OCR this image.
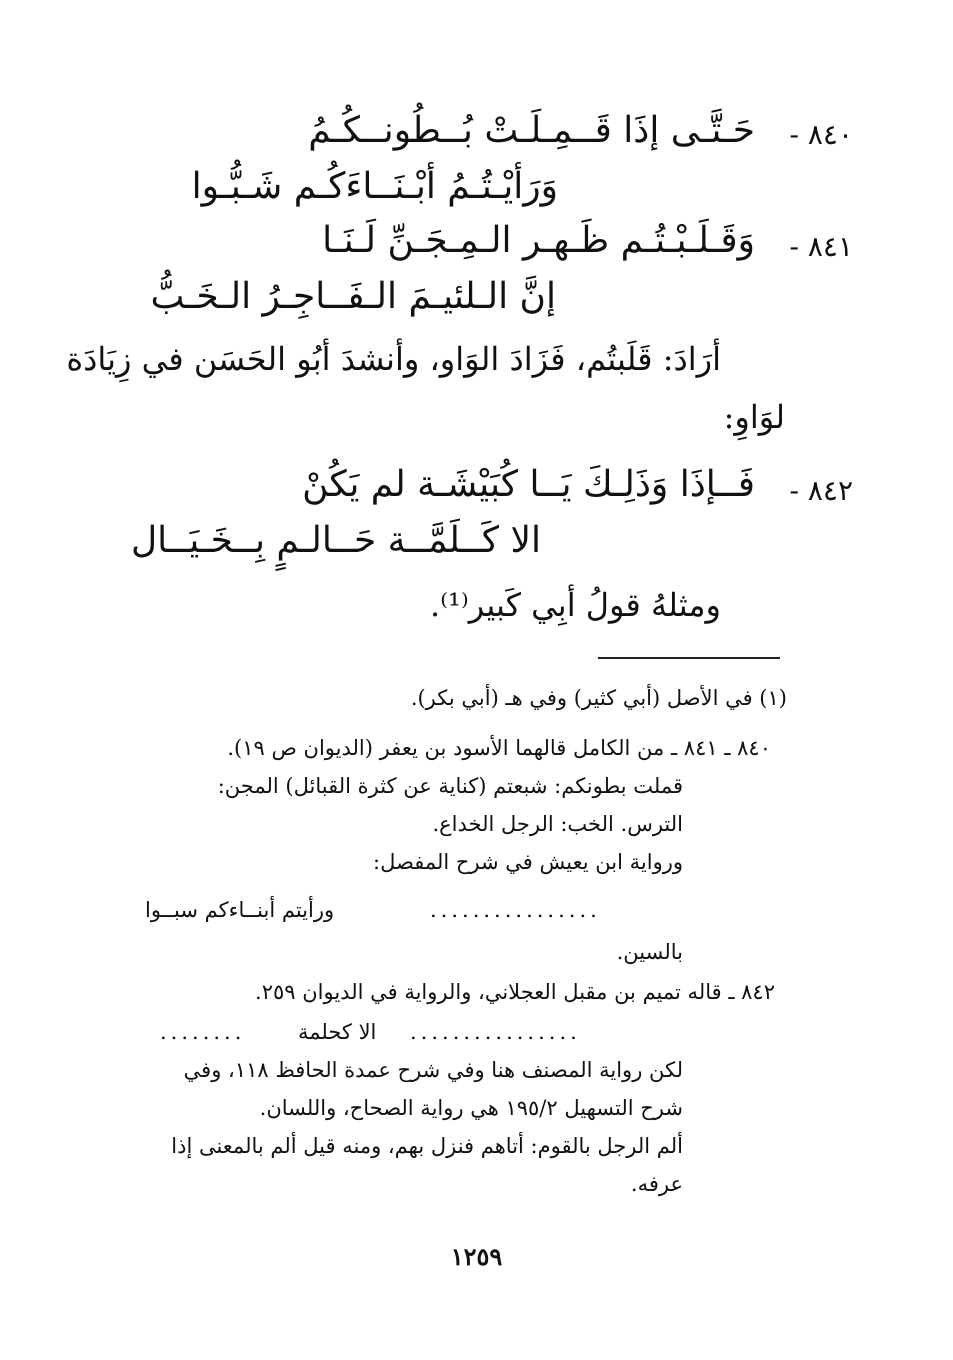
٨٤٠ -
حَـتَّـى إذَا قَــمِـلَـتْ بُــطُونــكُـمُ
وَرَأيْـتُـمُ أبْـنَــاءَكُـم شَـبُّـوا
٨٤١ -
وَقَـلَـبْـتُـم ظَـهـر الـمِـجَـنِّ لَـنَـا
إنَّ الـلئيـمَ الـفَــاجِـرُ الـخَـبُّ
أرَادَ: قَلَبتُم، فَزَادَ الوَاو، وأنشدَ أبُو الحَسَن في زِيَادَة
لوَاوِ:
٨٤٢ -
فَــإذَا وَذَلِـكَ يَــا كُبَيْشَـة لم يَكُنْ
الا كَــلَمَّــة حَــالـمٍ بِــخَـيَــال
ومثلهُ قولُ أبِي كَبير⁽¹⁾.
(١) في الأصل (أبي كثير) وفي هـ (أبي بكر).
٨٤٠ ـ ٨٤١ ـ من الكامل قالهما الأسود بن يعفر (الديوان ص ١٩).
قملت بطونكم: شبعتم (كناية عن كثرة القبائل) المجن:
الترس. الخب: الرجل الخداع.
ورواية ابن يعيش في شرح المفصل:
ورأيتم أبنــاءكم سبــوا	................
بالسين.
٨٤٢ ـ قاله تميم بن مقبل العجلاني، والرواية في الديوان ٢٥٩.
........	الا كحلمة ................
لكن رواية المصنف هنا وفي شرح عمدة الحافظ ١١٨، وفي
شرح التسهيل ١٩٥/٢ هي رواية الصحاح، واللسان.
ألم الرجل بالقوم: أتاهم فنزل بهم، ومنه قيل ألم بالمعنى إذا
عرفه.
١٢٥٩
